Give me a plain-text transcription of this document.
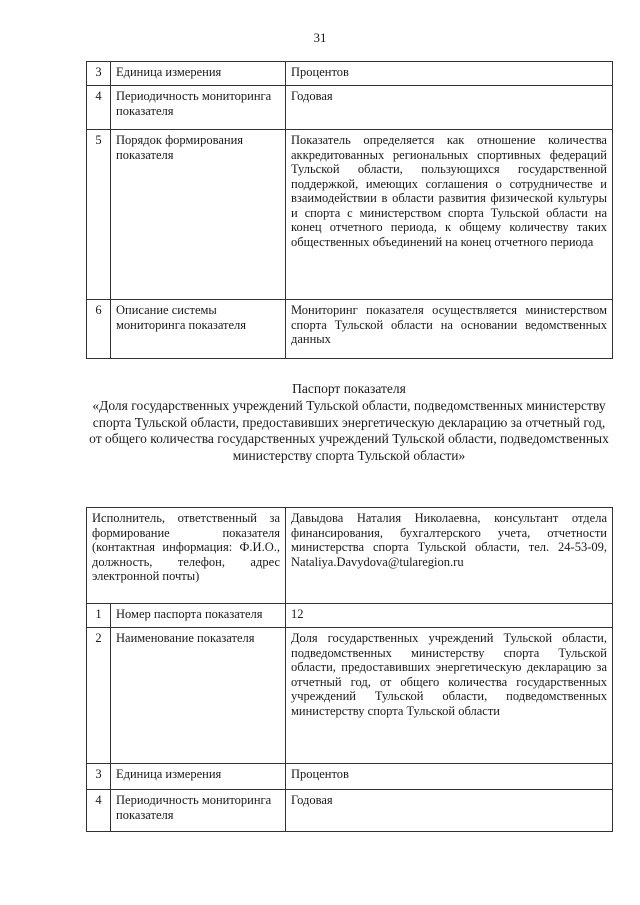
31
3	Единица измерения	Процентов
4	Периодичность мониторинга показателя	Годовая
5	Порядок формирования показателя	Показатель определяется как отношение количества аккредитованных региональных спортивных федераций Тульской области, пользующихся государственной поддержкой, имеющих соглашения о сотрудничестве и взаимодействии в области развития физической культуры и спорта с министерством спорта Тульской области на конец отчетного периода, к общему количеству таких общественных объединений на конец отчетного периода
6	Описание системы мониторинга показателя	Мониторинг показателя осуществляется министерством спорта Тульской области на основании ведомственных данных
Паспорт показателя
«Доля государственных учреждений Тульской области, подведомственных министерству спорта Тульской области, предоставивших энергетическую декларацию за отчетный год, от общего количества государственных учреждений Тульской области, подведомственных министерству спорта Тульской области»
Исполнитель, ответственный за формирование показателя (контактная информация: Ф.И.О., должность, телефон, адрес электронной почты)		Давыдова Наталия Николаевна, консультант отдела финансирования, бухгалтерского учета, отчетности министерства спорта Тульской области, тел. 24-53-09, Nataliya.Davydova@tularegion.ru
1	Номер паспорта показателя	12
2	Наименование показателя	Доля государственных учреждений Тульской области, подведомственных министерству спорта Тульской области, предоставивших энергетическую декларацию за отчетный год, от общего количества государственных учреждений Тульской области, подведомственных министерству спорта Тульской области
3	Единица измерения	Процентов
4	Периодичность мониторинга показателя	Годовая
